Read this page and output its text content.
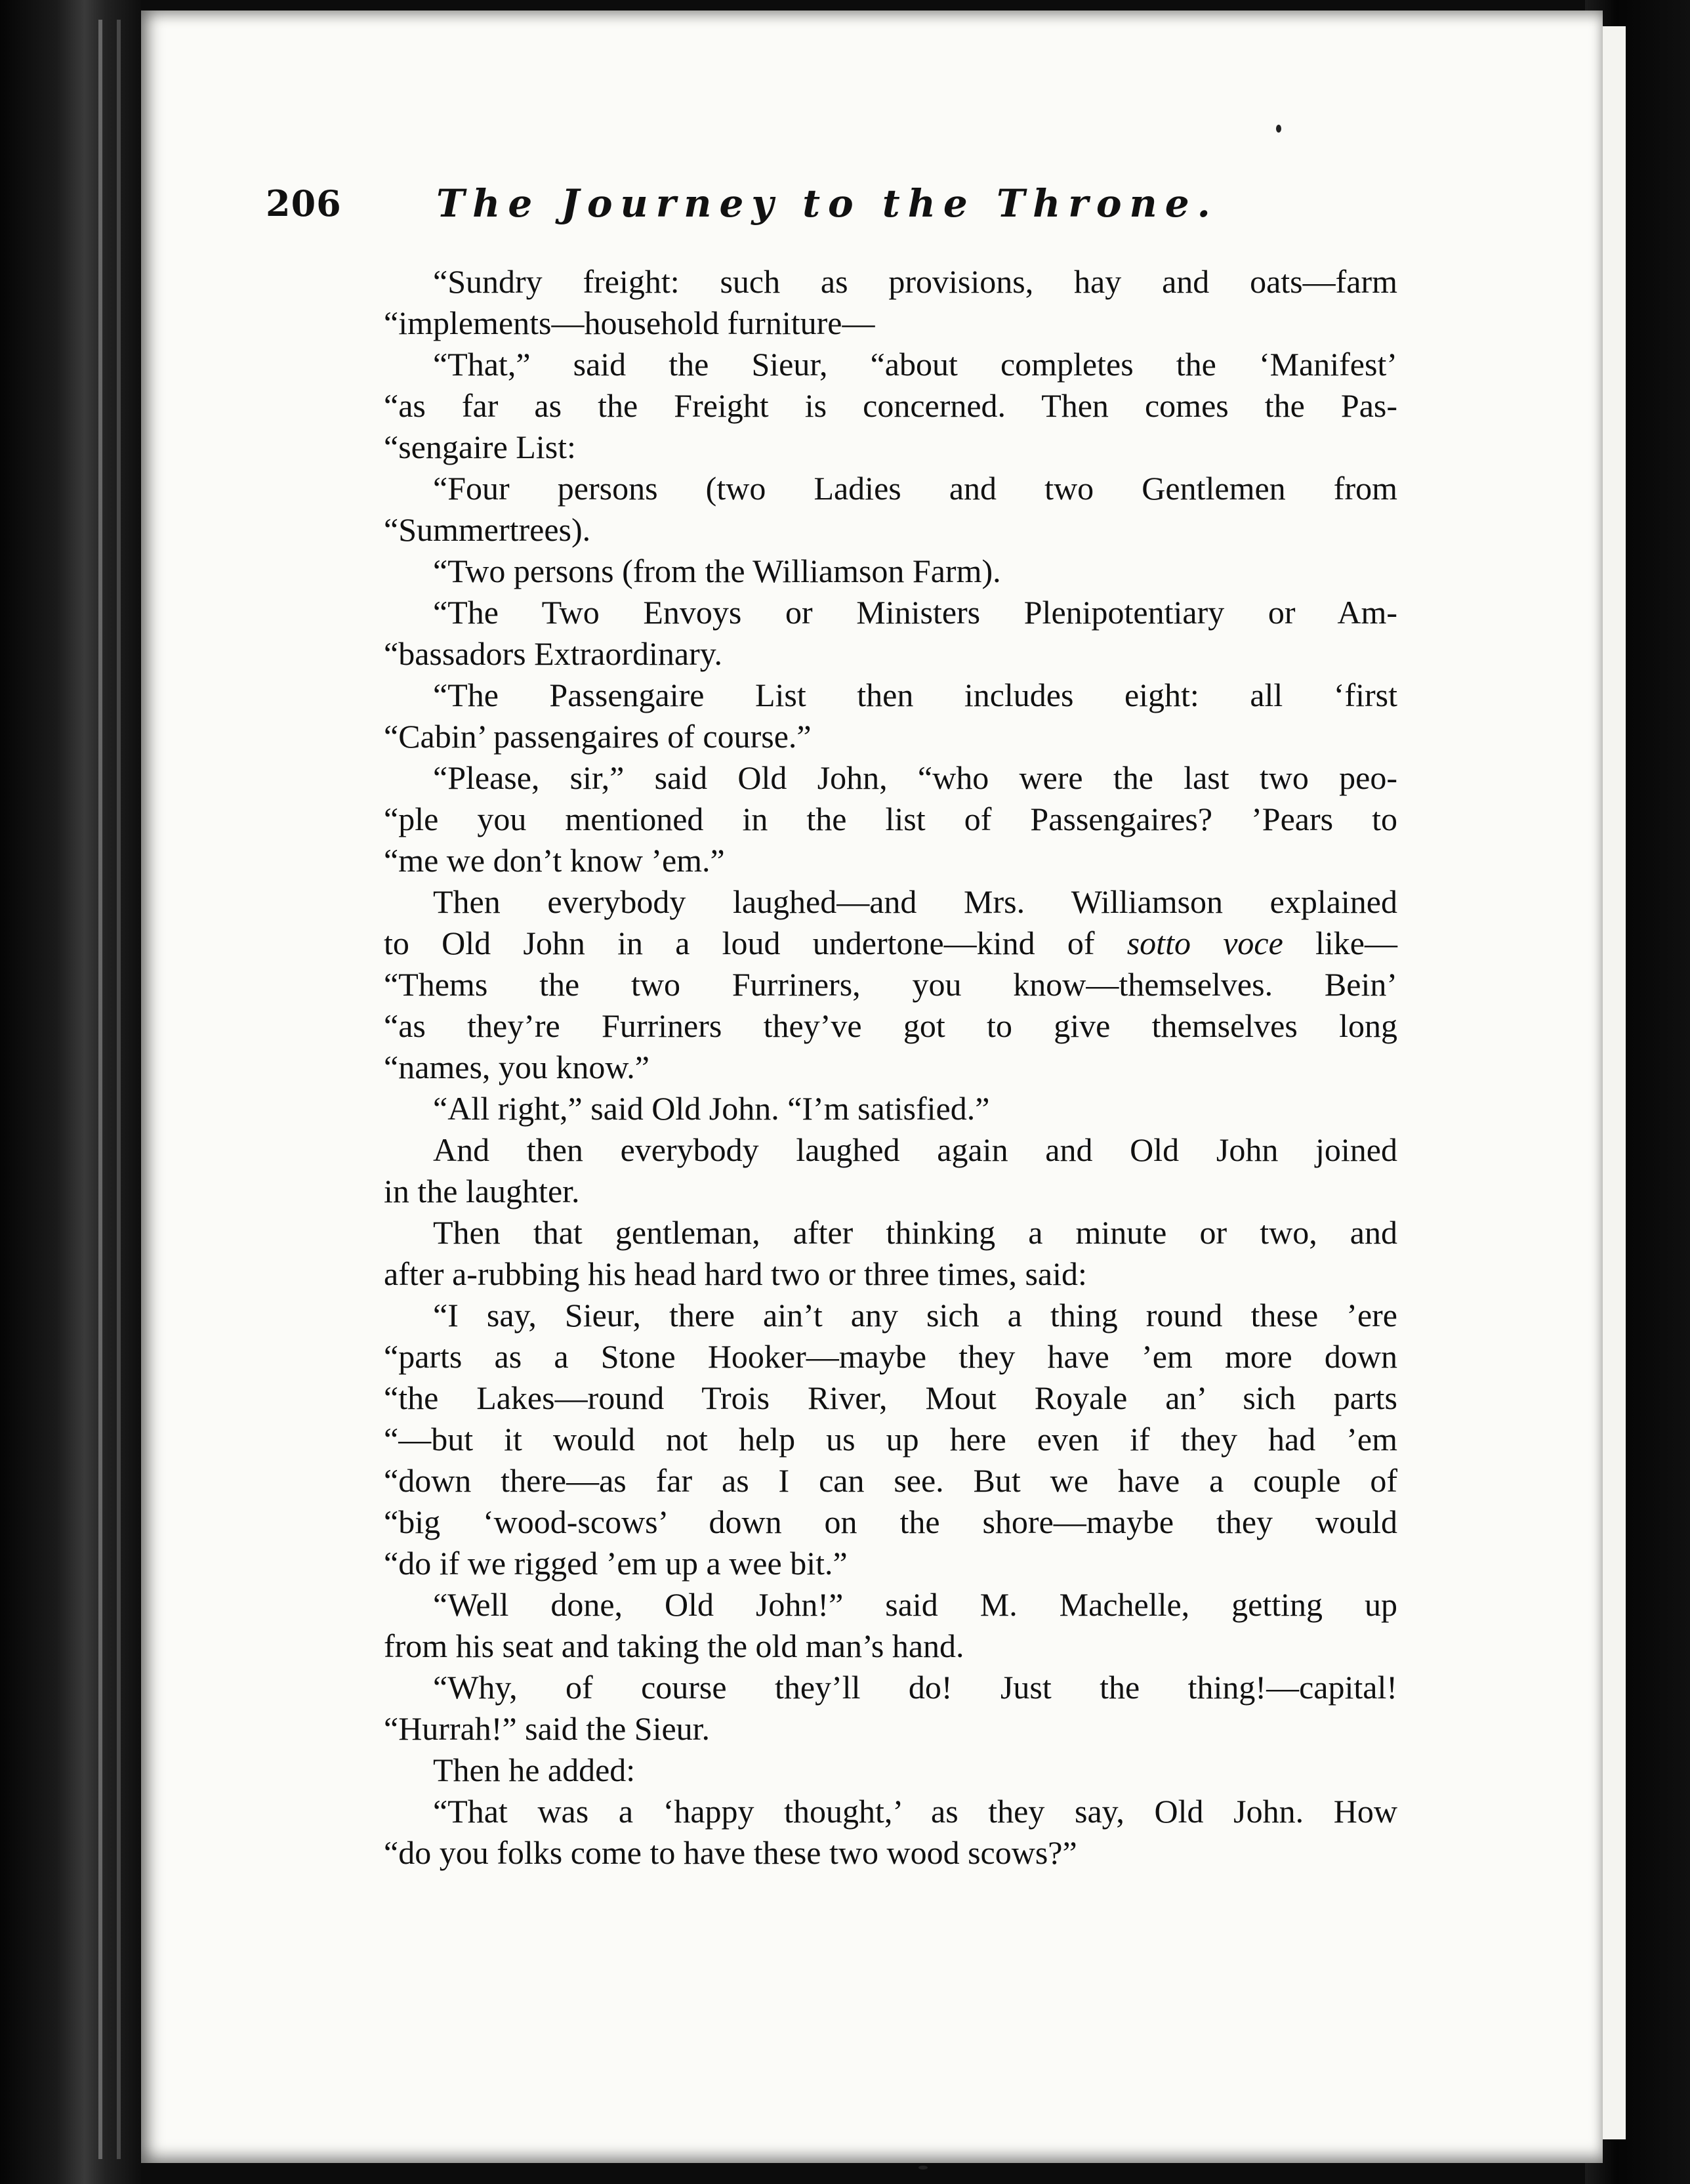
206 The Journey to the Throne.
“Sundry freight: such as provisions, hay and oats—farm
“implements—household furniture—
“That,” said the Sieur, “about completes the ‘Manifest’
“as far as the Freight is concerned. Then comes the Pas-
“sengaire List:
“Four persons (two Ladies and two Gentlemen from
“Summertrees).
“Two persons (from the Williamson Farm).
“The Two Envoys or Ministers Plenipotentiary or Am-
“bassadors Extraordinary.
“The Passengaire List then includes eight: all ‘first
“Cabin’ passengaires of course.”
“Please, sir,” said Old John, “who were the last two peo-
“ple you mentioned in the list of Passengaires? ’Pears to
“me we don’t know ’em.”
Then everybody laughed—and Mrs. Williamson explained
to Old John in a loud undertone—kind of sotto voce like—
“Thems the two Furriners, you know—themselves. Bein’
“as they’re Furriners they’ve got to give themselves long
“names, you know.”
“All right,” said Old John. “I’m satisfied.”
And then everybody laughed again and Old John joined
in the laughter.
Then that gentleman, after thinking a minute or two, and
after a-rubbing his head hard two or three times, said:
“I say, Sieur, there ain’t any sich a thing round these ’ere
“parts as a Stone Hooker—maybe they have ’em more down
“the Lakes—round Trois River, Mout Royale an’ sich parts
“—but it would not help us up here even if they had ’em
“down there—as far as I can see. But we have a couple of
“big ‘wood-scows’ down on the shore—maybe they would
“do if we rigged ’em up a wee bit.”
“Well done, Old John!” said M. Machelle, getting up
from his seat and taking the old man’s hand.
“Why, of course they’ll do! Just the thing!—capital!
“Hurrah!” said the Sieur.
Then he added:
“That was a ‘happy thought,’ as they say, Old John. How
“do you folks come to have these two wood scows?”
